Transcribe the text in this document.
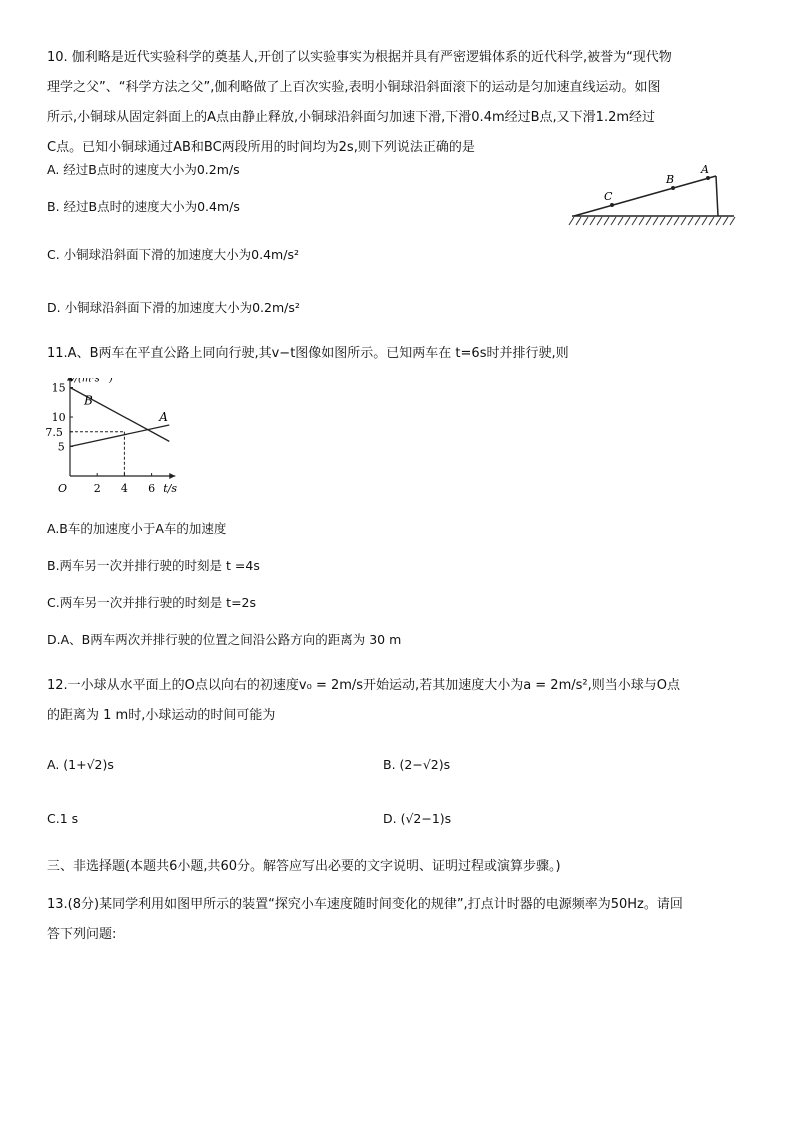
10. 伽利略是近代实验科学的奠基人,开创了以实验事实为根据并具有严密逻辑体系的近代科学,被誉为“现代物
理学之父”、“科学方法之父”,伽利略做了上百次实验,表明小铜球沿斜面滚下的运动是匀加速直线运动。如图
所示,小铜球从固定斜面上的A点由静止释放,小铜球沿斜面匀加速下滑,下滑0.4m经过B点,又下滑1.2m经过
C点。已知小铜球通过AB和BC两段所用的时间均为2s,则下列说法正确的是
A. 经过B点时的速度大小为0.2m/s
B. 经过B点时的速度大小为0.4m/s
C. 小铜球沿斜面下滑的加速度大小为0.4m/s²
D. 小铜球沿斜面下滑的加速度大小为0.2m/s²
A
B
C
11.A、B两车在平直公路上同向行驶,其v−t图像如图所示。已知两车在 t=6s时并排行驶,则
v/(m·s⁻¹)
t/s
O 2 4 6
5
7.5
10
15
A
B
A.B车的加速度小于A车的加速度
B.两车另一次并排行驶的时刻是 t =4s
C.两车另一次并排行驶的时刻是 t=2s
D.A、B两车两次并排行驶的位置之间沿公路方向的距离为 30 m
12.一小球从水平面上的O点以向右的初速度v₀ = 2m/s开始运动,若其加速度大小为a = 2m/s²,则当小球与O点
的距离为 1 m时,小球运动的时间可能为
A. (1+√2)s	B. (2−√2)s
C.1 s	D. (√2−1)s
三、非选择题(本题共6小题,共60分。解答应写出必要的文字说明、证明过程或演算步骤。)
13.(8分)某同学利用如图甲所示的装置“探究小车速度随时间变化的规律”,打点计时器的电源频率为50Hz。请回
答下列问题:
